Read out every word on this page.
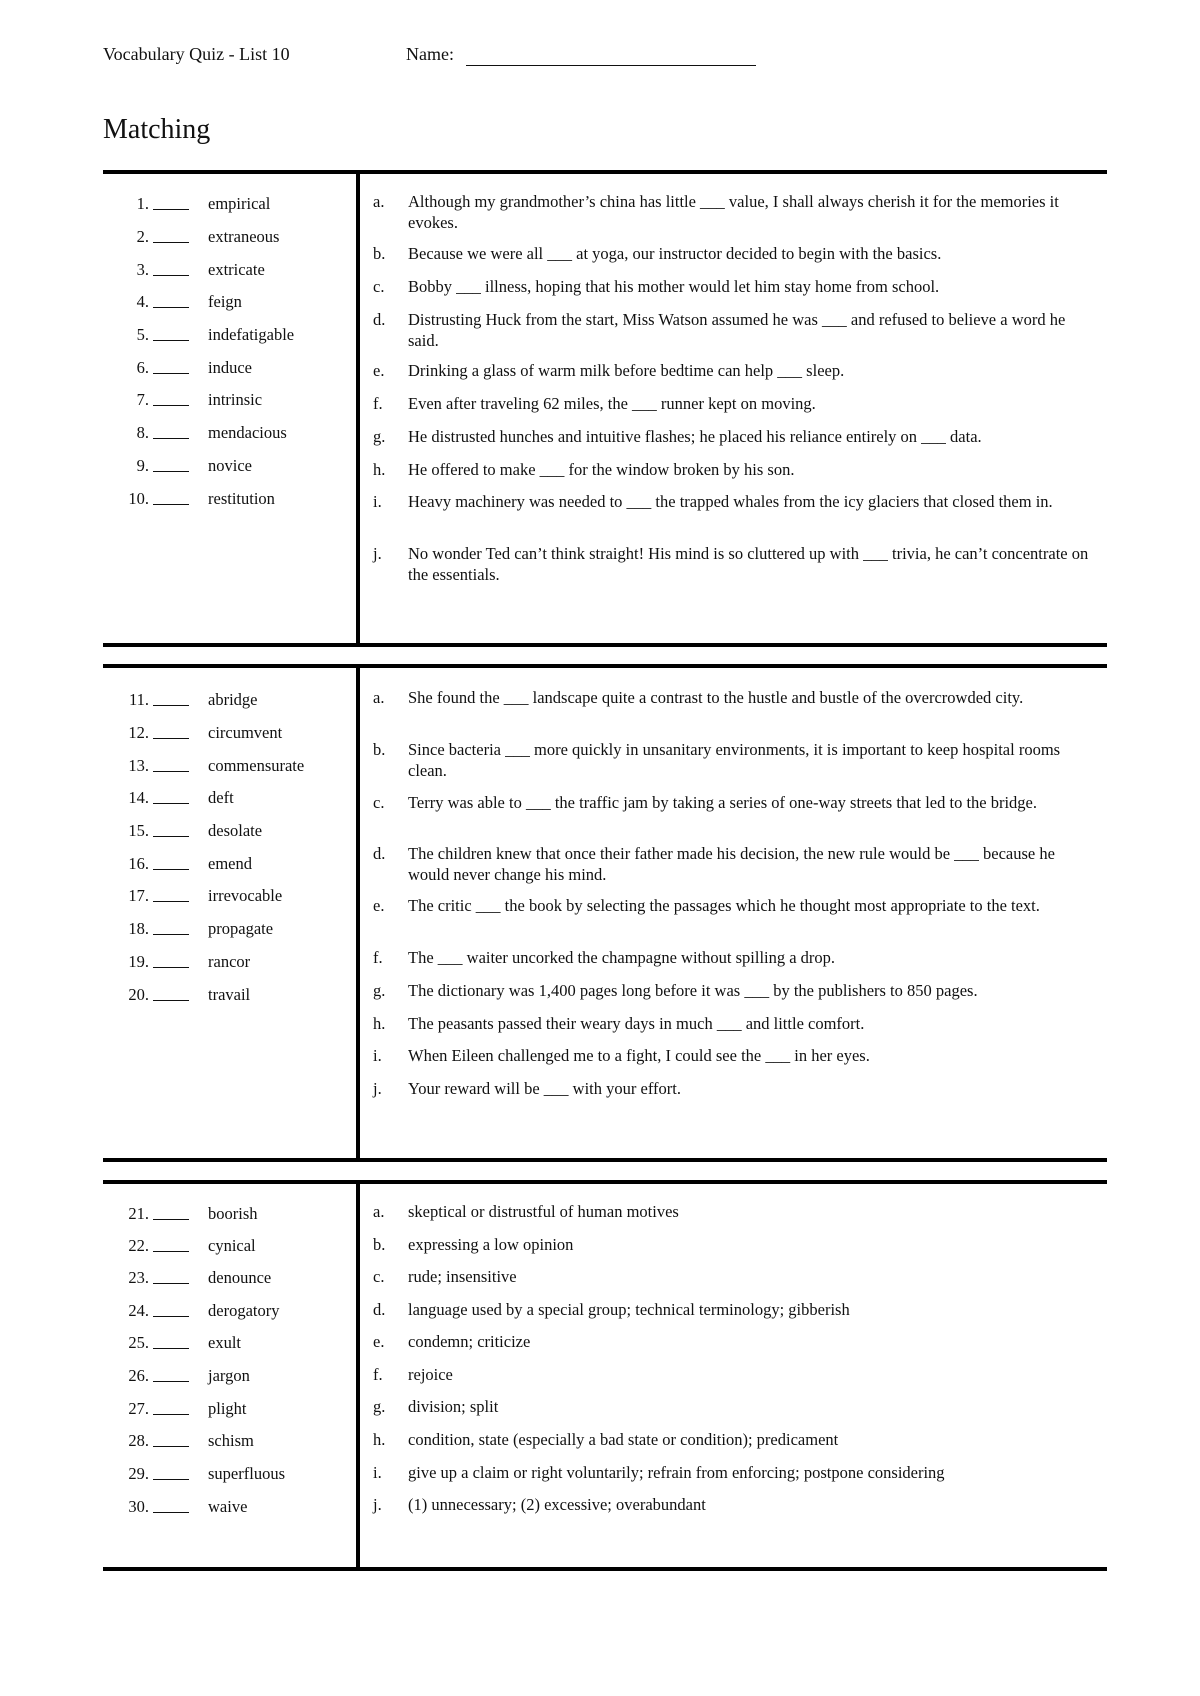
Vocabulary Quiz - List 10	Name:
Matching
1.	empirical
2.	extraneous
3.	extricate
4.	feign
5.	indefatigable
6.	induce
7.	intrinsic
8.	mendacious
9.	novice
10.	restitution
a.	Although my grandmother’s china has little ___ value, I shall always cherish it for the memories it evokes.
b.	Because we were all ___ at yoga, our instructor decided to begin with the basics.
c.	Bobby ___ illness, hoping that his mother would let him stay home from school.
d.	Distrusting Huck from the start, Miss Watson assumed he was ___ and refused to believe a word he said.
e.	Drinking a glass of warm milk before bedtime can help ___ sleep.
f.	Even after traveling 62 miles, the ___ runner kept on moving.
g.	He distrusted hunches and intuitive flashes; he placed his reliance entirely on ___ data.
h.	He offered to make ___ for the window broken by his son.
i.	Heavy machinery was needed to ___ the trapped whales from the icy glaciers that closed them in.
j.	No wonder Ted can’t think straight! His mind is so cluttered up with ___ trivia, he can’t concentrate on the essentials.
11.	abridge
12.	circumvent
13.	commensurate
14.	deft
15.	desolate
16.	emend
17.	irrevocable
18.	propagate
19.	rancor
20.	travail
a.	She found the ___ landscape quite a contrast to the hustle and bustle of the overcrowded city.
b.	Since bacteria ___ more quickly in unsanitary environments, it is important to keep hospital rooms clean.
c.	Terry was able to ___ the traffic jam by taking a series of one-way streets that led to the bridge.
d.	The children knew that once their father made his decision, the new rule would be ___ because he would never change his mind.
e.	The critic ___ the book by selecting the passages which he thought most appropriate to the text.
f.	The ___ waiter uncorked the champagne without spilling a drop.
g.	The dictionary was 1,400 pages long before it was ___ by the publishers to 850 pages.
h.	The peasants passed their weary days in much ___ and little comfort.
i.	When Eileen challenged me to a fight, I could see the ___ in her eyes.
j.	Your reward will be ___ with your effort.
21.	boorish
22.	cynical
23.	denounce
24.	derogatory
25.	exult
26.	jargon
27.	plight
28.	schism
29.	superfluous
30.	waive
a.	skeptical or distrustful of human motives
b.	expressing a low opinion
c.	rude; insensitive
d.	language used by a special group; technical terminology; gibberish
e.	condemn; criticize
f.	rejoice
g.	division; split
h.	condition, state (especially a bad state or condition); predicament
i.	give up a claim or right voluntarily; refrain from enforcing; postpone considering
j.	(1) unnecessary; (2) excessive; overabundant
